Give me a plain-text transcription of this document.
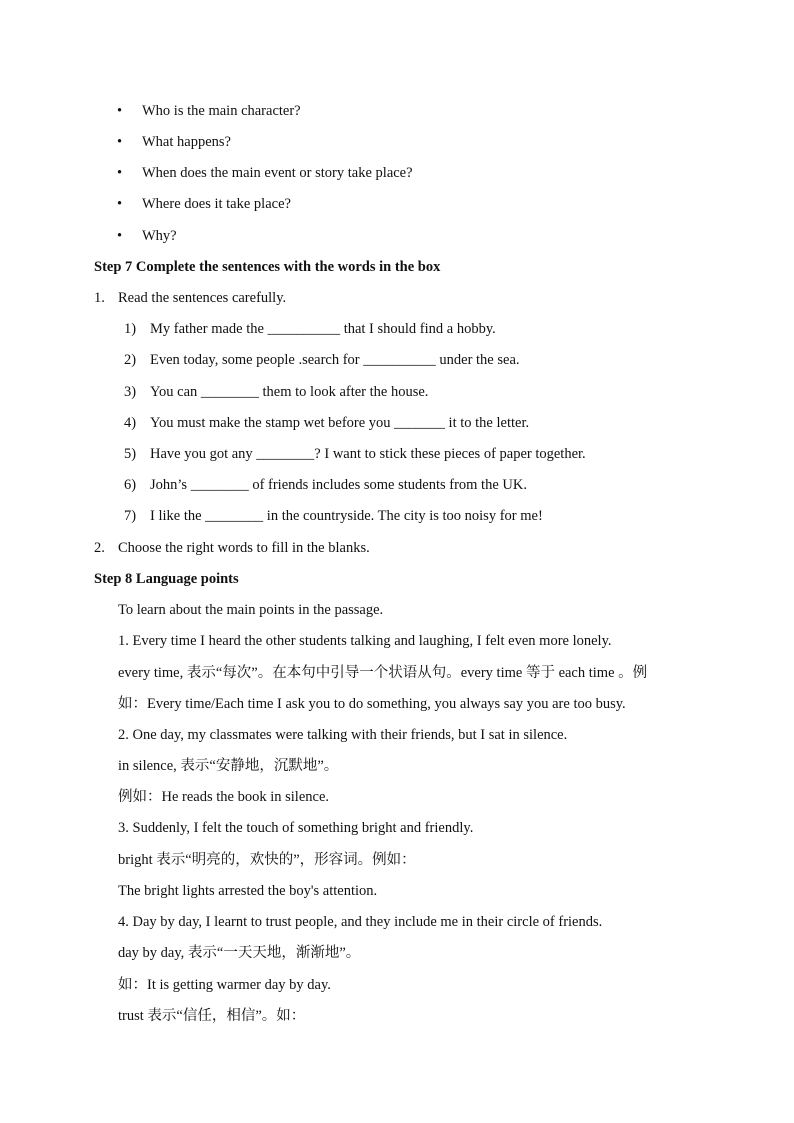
• Who is the main character?
• What happens?
• When does the main event or story take place?
• Where does it take place?
• Why?
Step 7 Complete the sentences with the words in the box
1. Read the sentences carefully.
1) My father made the __________ that I should find a hobby.
2) Even today, some people .search for __________ under the sea.
3) You can ________ them to look after the house.
4) You must make the stamp wet before you _______ it to the letter.
5) Have you got any ________? I want to stick these pieces of paper together.
6) John’s ________ of friends includes some students from the UK.
7) I like the ________ in the countryside. The city is too noisy for me!
2. Choose the right words to fill in the blanks.
Step 8 Language points
To learn about the main points in the passage.
1. Every time I heard the other students talking and laughing, I felt even more lonely.
every time, 表示“每次”。在本句中引导一个状语从句。every time 等于 each time 。例
如：Every time/Each time I ask you to do something, you always say you are too busy.
2. One day, my classmates were talking with their friends, but I sat in silence.
in silence, 表示“安静地，沉默地”。
例如：He reads the book in silence.
3. Suddenly, I felt the touch of something bright and friendly.
bright 表示“明亮的，欢快的”，形容词。例如：
The bright lights arrested the boy's attention.
4. Day by day, I learnt to trust people, and they include me in their circle of friends.
day by day, 表示“一天天地，渐渐地”。
如：It is getting warmer day by day.
trust 表示“信任，相信”。如：
